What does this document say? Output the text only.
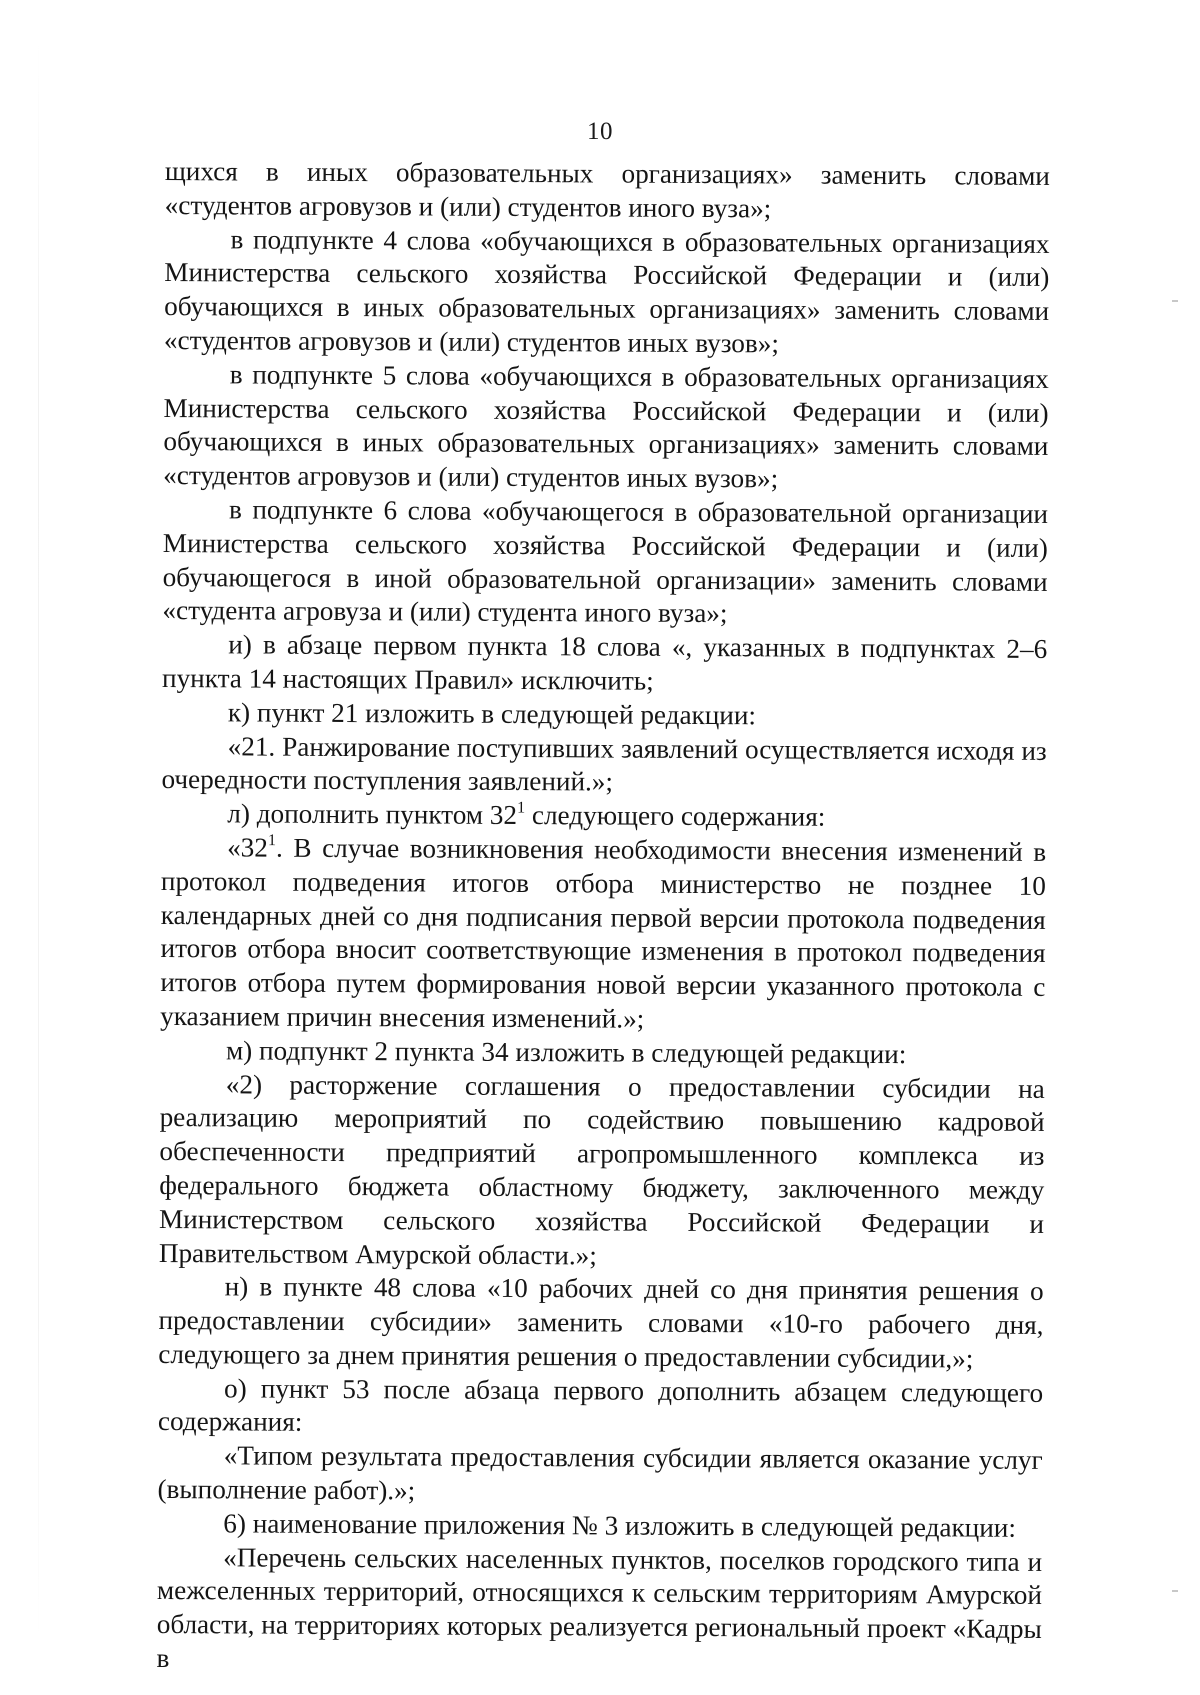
10

щихся в иных образовательных организациях» заменить словами «студентов агровузов и (или) студентов иного вуза»;

в подпункте 4 слова «обучающихся в образовательных организациях Министерства сельского хозяйства Российской Федерации и (или) обучающихся в иных образовательных организациях» заменить словами «студентов агровузов и (или) студентов иных вузов»;

в подпункте 5 слова «обучающихся в образовательных организациях Министерства сельского хозяйства Российской Федерации и (или) обучающихся в иных образовательных организациях» заменить словами «студентов агровузов и (или) студентов иных вузов»;

в подпункте 6 слова «обучающегося в образовательной организации Министерства сельского хозяйства Российской Федерации и (или) обучающегося в иной образовательной организации» заменить словами «студента агровуза и (или) студента иного вуза»;

и) в абзаце первом пункта 18 слова «, указанных в подпунктах 2–6 пункта 14 настоящих Правил» исключить;

к) пункт 21 изложить в следующей редакции:

«21. Ранжирование поступивших заявлений осуществляется исходя из очередности поступления заявлений.»;

л) дополнить пунктом $32^1$ следующего содержания:

«$32^1$. В случае возникновения необходимости внесения изменений в протокол подведения итогов отбора министерство не позднее 10 календарных дней со дня подписания первой версии протокола подведения итогов отбора вносит соответствующие изменения в протокол подведения итогов отбора путем формирования новой версии указанного протокола с указанием причин внесения изменений.»;

м) подпункт 2 пункта 34 изложить в следующей редакции:

«2) расторжение соглашения о предоставлении субсидии на реализацию мероприятий по содействию повышению кадровой обеспеченности предприятий агропромышленного комплекса из федерального бюджета областному бюджету, заключенного между Министерством сельского хозяйства Российской Федерации и Правительством Амурской области.»;

н) в пункте 48 слова «10 рабочих дней со дня принятия решения о предоставлении субсидии» заменить словами «10-го рабочего дня, следующего за днем принятия решения о предоставлении субсидии,»;

о) пункт 53 после абзаца первого дополнить абзацем следующего содержания:

«Типом результата предоставления субсидии является оказание услуг (выполнение работ).»;

6) наименование приложения № 3 изложить в следующей редакции:

«Перечень сельских населенных пунктов, поселков городского типа и межселенных территорий, относящихся к сельским территориям Амурской области, на территориях которых реализуется региональный проект «Кадры в
